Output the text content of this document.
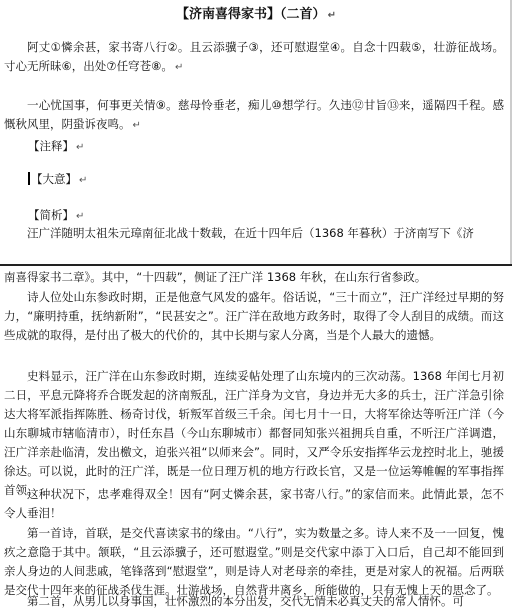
【济南喜得家书】（二首） ↵
阿丈①憐余甚，家书寄八行②。且云添骥子③，还可慰遐堂④。自念十四载⑤，壮游征战场。寸心无所昧⑥，出处⑦任穹苍⑧。 ↵
一心忧国事，何事更关情⑨。慈母怜垂老，痴儿⑩想学行。久违⑫甘旨⑬来，遥隔四千程。感慨秋风里，阴蛩诉夜鸣。 ↵
【注释】 ↵
【大意】 ↵
【简析】 ↵
汪广洋随明太祖朱元璋南征北战十数载，在近十四年后（1368 年暮秋）于济南写下《济
南喜得家书二章》。其中，“十四载”，侧证了汪广洋 1368 年秋，在山东行省参政。
诗人位处山东参政时期，正是他意气风发的盛年。俗话说，“三十而立”，汪广洋经过早期的努力，“廉明持重，抚纳新附”，“民甚安之”。汪广洋在敌地方政务时，取得了令人刮目的成绩。而这些成就的取得，是付出了极大的代价的，其中长期与家人分离，当是个人最大的遗憾。
史料显示，汪广洋在山东参政时期，连续妥帖处理了山东境内的三次动荡。1368 年闰七月初二日，平息元降将乔合既发起的济南叛乱，汪广洋身为文官，身边并无大多的兵士，汪广洋急引徐达大将军派指挥陈胜、杨奇讨伐，斩叛军首级三千余。闰七月十一日，大将军徐达等听汪广洋（今山东聊城市辖临清市），时任东昌（今山东聊城市）都督同知张兴祖拥兵自重，不听汪广洋调遣，汪广洋亲赴临清，发出檄文，迫张兴祖“以师来会”。同时，又严令乐安指挥华云龙控时北上，驰援徐达。可以说，此时的汪广洋，既是一位日理万机的地方行政长官，又是一位运筹帷幄的军事指挥首领。
这种状况下，忠孝难得双全！因有“阿丈憐余甚，家书寄八行。”的家信而来。此情此景，怎不令人垂泪！
第一首诗，首联，是交代喜读家书的缘由。“八行”，实为数量之多。诗人来不及一一回复，愧疚之意隐于其中。颔联，“且云添骥子，还可慰遐堂。”则是交代家中添丁入口后，自己却不能回到亲人身边的人间悲戚，笔锋落到“慰遐堂”，则是诗人对老母亲的牵挂，更是对家人的祝福。后两联是交代十四年来的征战杀伐生涯。壮游战场，自然背井离乡，所能做的，只有无愧上天的思念了。
第二首，从男儿以身事国，壮怀激烈的本分出发，交代无情未必真丈夫的常人情怀。可
